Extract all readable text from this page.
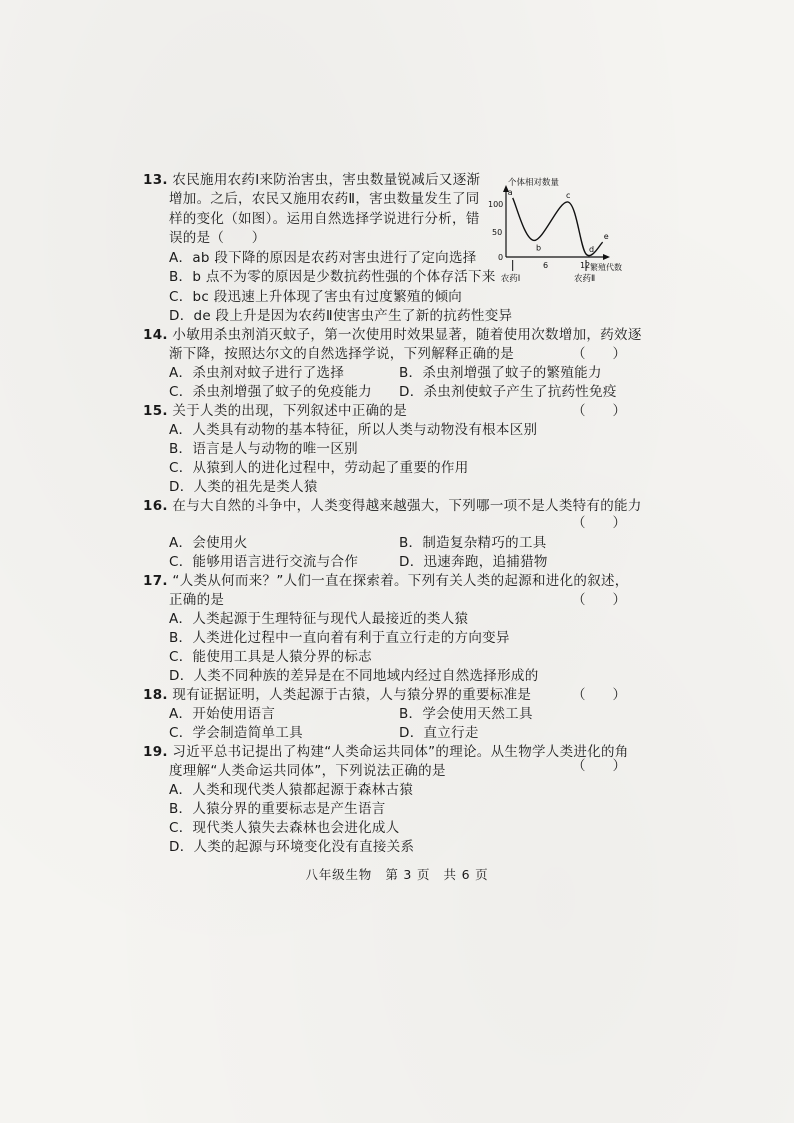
13. 农民施用农药Ⅰ来防治害虫，害虫数量锐减后又逐渐
增加。之后，农民又施用农药Ⅱ，害虫数量发生了同
样的变化（如图）。运用自然选择学说进行分析，错
误的是（　　）
A．ab 段下降的原因是农药对害虫进行了定向选择
B．b 点不为零的原因是少数抗药性强的个体存活下来
C．bc 段迅速上升体现了害虫有过度繁殖的倾向
D．de 段上升是因为农药Ⅱ使害虫产生了新的抗药性变异
个体相对数量
繁殖代数
0
50
100
6	12
a
b
c
d
e
农药Ⅰ	农药Ⅱ
14. 小敏用杀虫剂消灭蚊子，第一次使用时效果显著，随着使用次数增加，药效逐
渐下降，按照达尔文的自然选择学说，下列解释正确的是	（　　）
A．杀虫剂对蚊子进行了选择	B．杀虫剂增强了蚊子的繁殖能力
C．杀虫剂增强了蚊子的免疫能力 D．杀虫剂使蚊子产生了抗药性免疫
15. 关于人类的出现，下列叙述中正确的是	（　　）
A．人类具有动物的基本特征，所以人类与动物没有根本区别
B．语言是人与动物的唯一区别
C．从猿到人的进化过程中，劳动起了重要的作用
D．人类的祖先是类人猿
16. 在与大自然的斗争中，人类变得越来越强大，下列哪一项不是人类特有的能力
（　　）
A．会使用火	B．制造复杂精巧的工具
C．能够用语言进行交流与合作	D．迅速奔跑，追捕猎物
17. “人类从何而来？”人们一直在探索着。下列有关人类的起源和进化的叙述，
正确的是	（　　）
A．人类起源于生理特征与现代人最接近的类人猿
B．人类进化过程中一直向着有利于直立行走的方向变异
C．能使用工具是人猿分界的标志
D．人类不同种族的差异是在不同地域内经过自然选择形成的
18. 现有证据证明，人类起源于古猿，人与猿分界的重要标准是	（　　）
A．开始使用语言	B．学会使用天然工具
C．学会制造简单工具	D．直立行走
19. 习近平总书记提出了构建“人类命运共同体”的理论。从生物学人类进化的角
度理解“人类命运共同体”，下列说法正确的是	（　　）
A．人类和现代类人猿都起源于森林古猿
B．人猿分界的重要标志是产生语言
C．现代类人猿失去森林也会进化成人
D．人类的起源与环境变化没有直接关系
八年级生物　第 3 页　共 6 页
